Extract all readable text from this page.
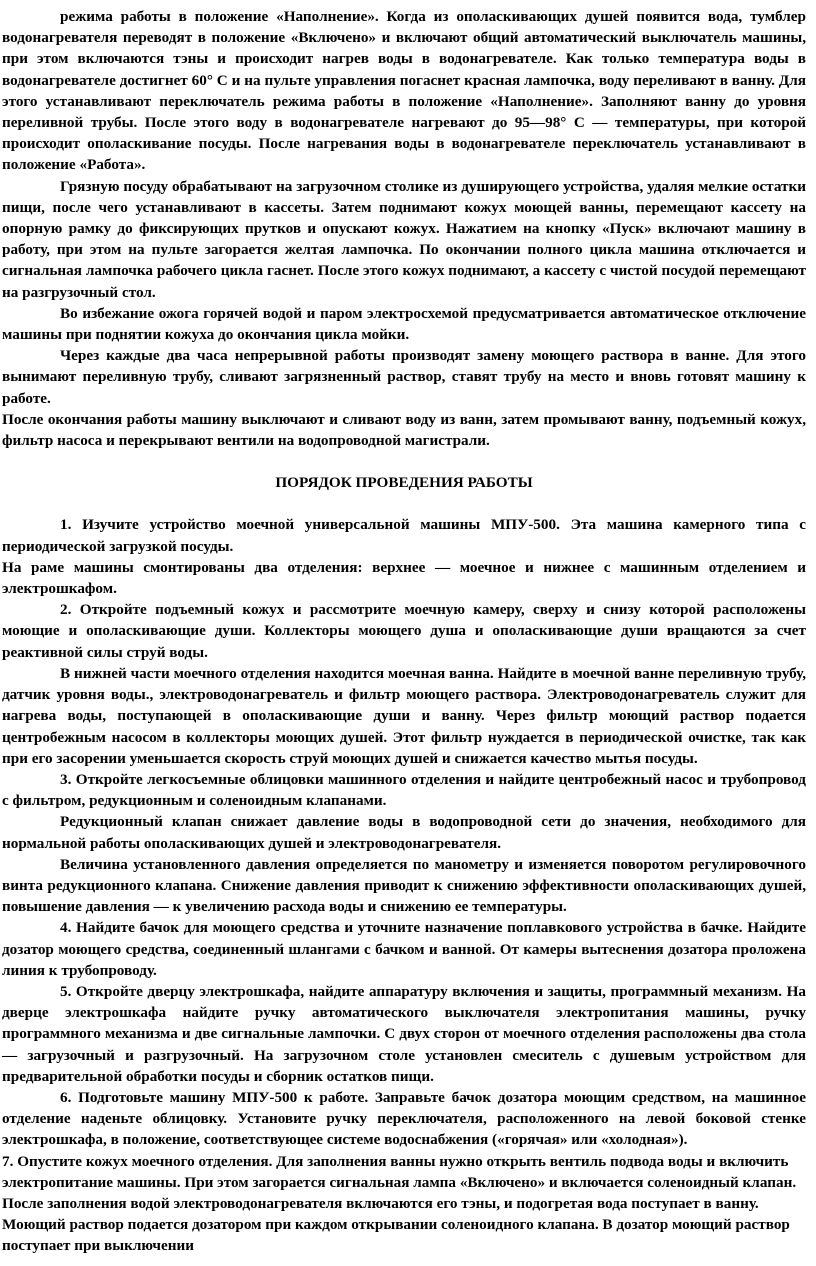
режима работы в положение «Наполнение». Когда из ополаскивающих душей появится вода, тумблер водонагревателя переводят в положение «Включено» и включают общий автоматический выключатель машины, при этом включаются тэны и происходит нагрев воды в водонагревателе. Как только температура воды в водонагревателе достигнет 60° С и на пульте управления погаснет красная лампочка, воду переливают в ванну. Для этого устанавливают переключатель режима работы в положение «Наполнение». Заполняют ванну до уровня переливной трубы. После этого воду в водонагревателе нагревают до 95—98° С — температуры, при которой происходит ополаскивание посуды. После нагревания воды в водонагревателе переключатель устанавливают в положение «Работа».

Грязную посуду обрабатывают на загрузочном столике из душирующего устройства, удаляя мелкие остатки пищи, после чего устанавливают в кассеты. Затем поднимают кожух моющей ванны, перемещают кассету на опорную рамку до фиксирующих прутков и опускают кожух. Нажатием на кнопку «Пуск» включают машину в работу, при этом на пульте загорается желтая лампочка. По окончании полного цикла машина отключается и сигнальная лампочка рабочего цикла гаснет. После этого кожух поднимают, а кассету с чистой посудой перемещают на разгрузочный стол.

Во избежание ожога горячей водой и паром электросхемой предусматривается автоматическое отключение машины при поднятии кожуха до окончания цикла мойки.

Через каждые два часа непрерывной работы производят замену моющего раствора в ванне. Для этого вынимают переливную трубу, сливают загрязненный раствор, ставят трубу на место и вновь готовят машину к работе.

После окончания работы машину выключают и сливают воду из ванн, затем промывают ванну, подъемный кожух, фильтр насоса и перекрывают вентили на водопроводной магистрали.

ПОРЯДОК ПРОВЕДЕНИЯ РАБОТЫ

1. Изучите устройство моечной универсальной машины МПУ-500. Эта машина камерного типа с периодической загрузкой посуды.

На раме машины смонтированы два отделения: верхнее — моечное и нижнее с машинным отделением и электрошкафом.

2. Откройте подъемный кожух и рассмотрите моечную камеру, сверху и снизу которой расположены моющие и ополаскивающие души. Коллекторы моющего душа и ополаскивающие души вращаются за счет реактивной силы струй воды.

В нижней части моечного отделения находится моечная ванна. Найдите в моечной ванне переливную трубу, датчик уровня воды., электроводонагреватель и фильтр моющего раствора. Электроводонагреватель служит для нагрева воды, поступающей в ополаскивающие души и ванну. Через фильтр моющий раствор подается центробежным насосом в коллекторы моющих душей. Этот фильтр нуждается в периодической очистке, так как при его засорении уменьшается скорость струй моющих душей и снижается качество мытья посуды.

3. Откройте легкосъемные облицовки машинного отделения и найдите центробежный насос и трубопровод с фильтром, редукционным и соленоидным клапанами.

Редукционный клапан снижает давление воды в водопроводной сети до значения, необходимого для нормальной работы ополаскивающих душей и электроводонагревателя.

Величина установленного давления определяется по манометру и изменяется поворотом регулировочного винта редукционного клапана. Снижение давления приводит к снижению эффективности ополаскивающих душей, повышение давления — к увеличению расхода воды и снижению ее температуры.

4. Найдите бачок для моющего средства и уточните назначение поплавкового устройства в бачке. Найдите дозатор моющего средства, соединенный шлангами с бачком и ванной. От камеры вытеснения дозатора проложена линия к трубопроводу.

5. Откройте дверцу электрошкафа, найдите аппаратуру включения и защиты, программный механизм. На дверце электрошкафа найдите ручку автоматического выключателя электропитания машины, ручку программного механизма и две сигнальные лампочки. С двух сторон от моечного отделения расположены два стола — загрузочный и разгрузочный. На загрузочном столе установлен смеситель с душевым устройством для предварительной обработки посуды и сборник остатков пищи.

6. Подготовьте машину МПУ-500 к работе. Заправьте бачок дозатора моющим средством, на машинное отделение наденьте облицовку. Установите ручку переключателя, расположенного на левой боковой стенке электрошкафа, в положение, соответствующее системе водоснабжения («горячая» или «холодная»).

7. Опустите кожух моечного отделения. Для заполнения ванны нужно открыть вентиль подвода воды и включить электропитание машины. При этом загорается сигнальная лампа «Включено» и включается соленоидный клапан. После заполнения водой электроводонагревателя включаются его тэны, и подогретая вода поступает в ванну. Моющий раствор подается дозатором при каждом открывании соленоидного клапана. В дозатор моющий раствор поступает при выключении
